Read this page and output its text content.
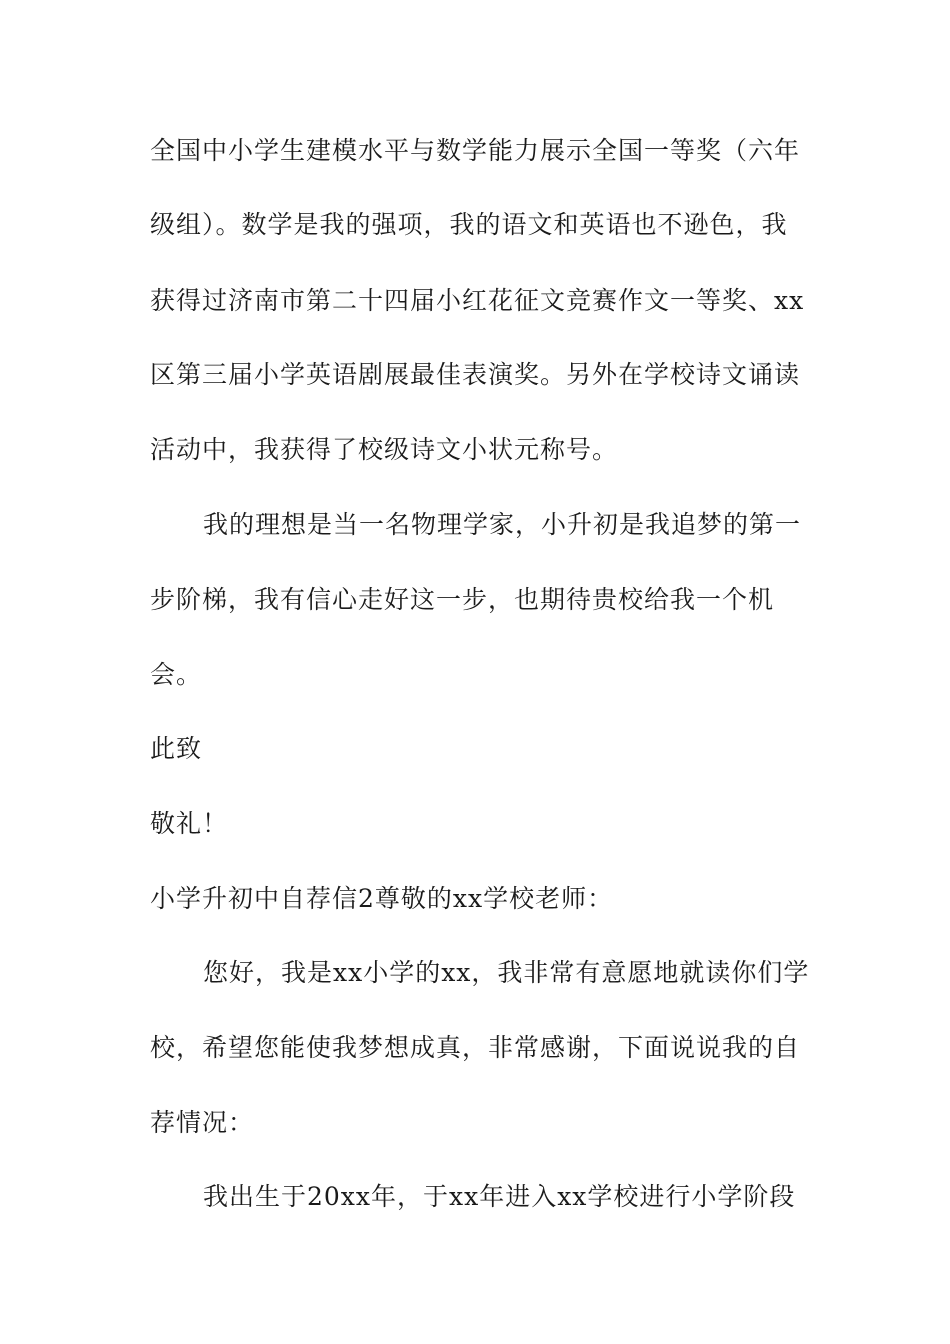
全国中小学生建模水平与数学能力展示全国一等奖（六年
级组）。数学是我的强项，我的语文和英语也不逊色，我
获得过济南市第二十四届小红花征文竞赛作文一等奖、xx
区第三届小学英语剧展最佳表演奖。另外在学校诗文诵读
活动中，我获得了校级诗文小状元称号。
我的理想是当一名物理学家，小升初是我追梦的第一
步阶梯，我有信心走好这一步，也期待贵校给我一个机
会。
此致
敬礼！
小学升初中自荐信2尊敬的xx学校老师：
您好，我是xx小学的xx，我非常有意愿地就读你们学
校，希望您能使我梦想成真，非常感谢，下面说说我的自
荐情况：
我出生于20xx年，于xx年进入xx学校进行小学阶段
